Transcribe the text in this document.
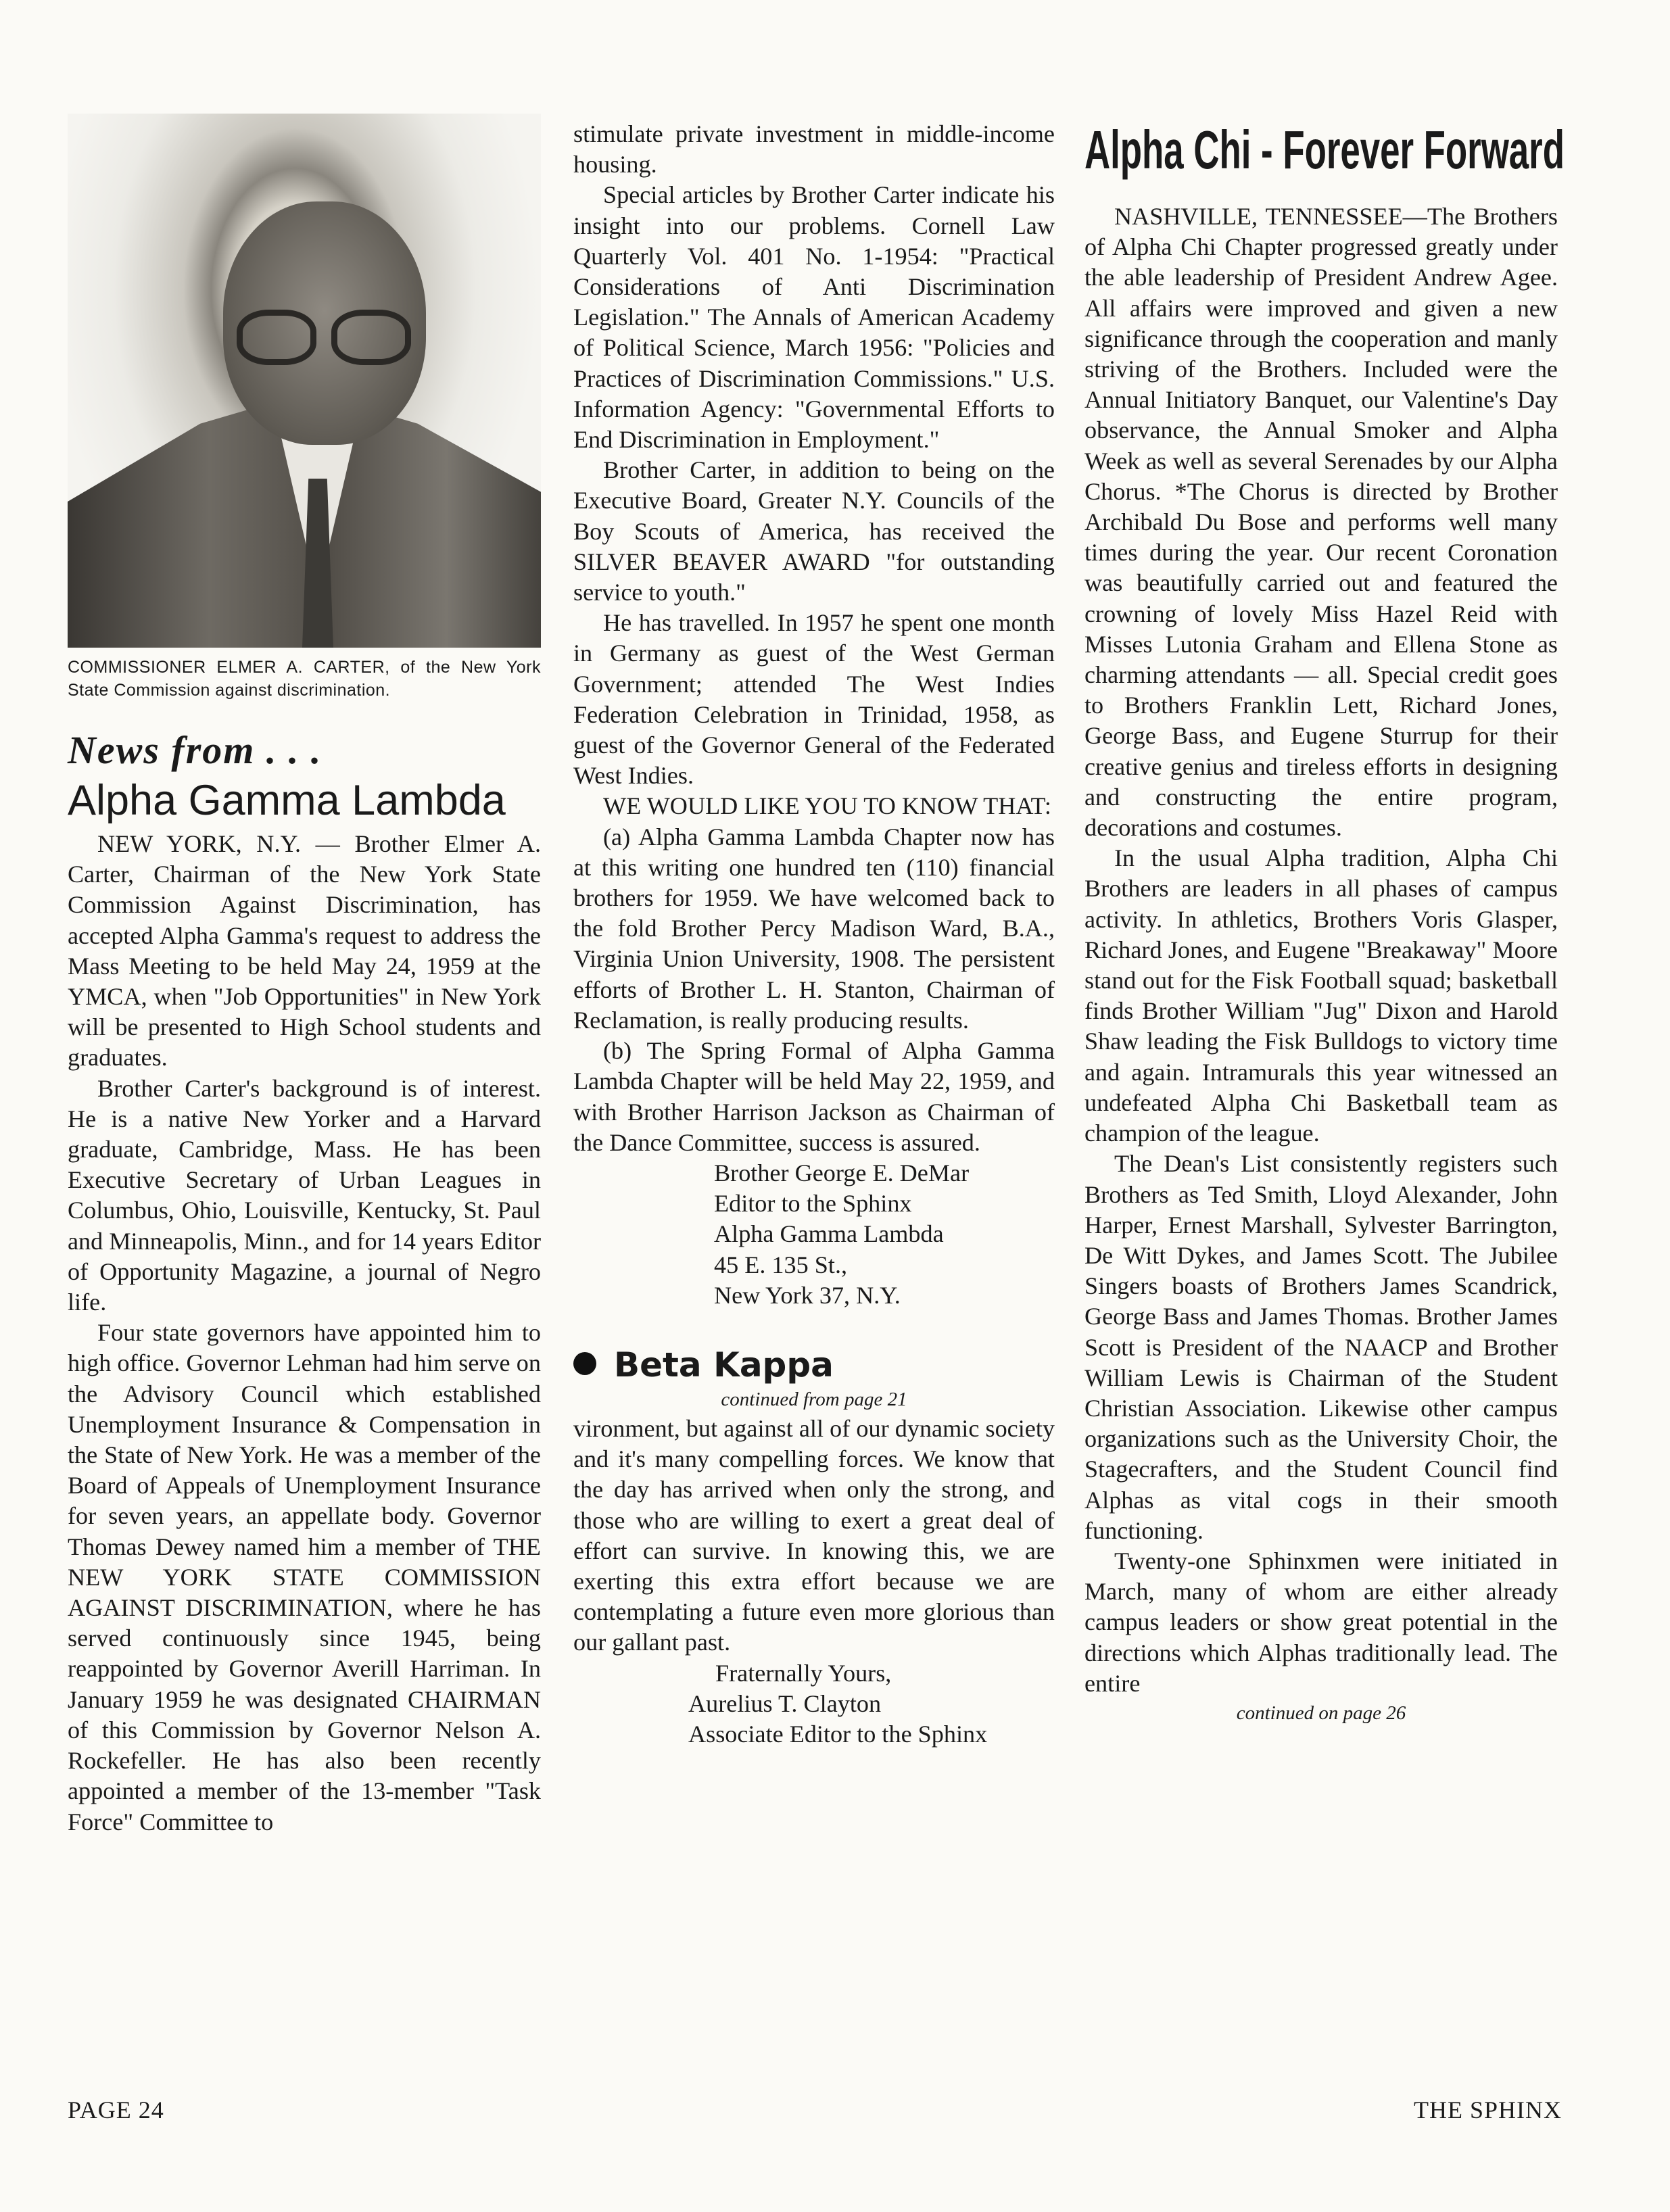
COMMISSIONER ELMER A. CARTER, of the New York State Commission against discrimination.
News from . . .
Alpha Gamma Lambda

NEW YORK, N.Y. — Brother Elmer A. Carter, Chairman of the New York State Commission Against Discrimination, has accepted Alpha Gamma's request to address the Mass Meeting to be held May 24, 1959 at the YMCA, when "Job Opportunities" in New York will be presented to High School students and graduates.

Brother Carter's background is of interest. He is a native New Yorker and a Harvard graduate, Cambridge, Mass. He has been Executive Secretary of Urban Leagues in Columbus, Ohio, Louisville, Kentucky, St. Paul and Minneapolis, Minn., and for 14 years Editor of Opportunity Magazine, a journal of Negro life.

Four state governors have appointed him to high office. Governor Lehman had him serve on the Advisory Council which established Unemployment Insurance & Compensation in the State of New York. He was a member of the Board of Appeals of Unemployment Insurance for seven years, an appellate body. Governor Thomas Dewey named him a member of THE NEW YORK STATE COMMISSION AGAINST DISCRIMINATION, where he has served continuously since 1945, being reappointed by Governor Averill Harriman. In January 1959 he was designated CHAIRMAN of this Commission by Governor Nelson A. Rockefeller. He has also been recently appointed a member of the 13-member "Task Force" Committee to

stimulate private investment in middle-income housing.

Special articles by Brother Carter indicate his insight into our problems. Cornell Law Quarterly Vol. 401 No. 1-1954: "Practical Considerations of Anti Discrimination Legislation." The Annals of American Academy of Political Science, March 1956: "Policies and Practices of Discrimination Commissions." U.S. Information Agency: "Governmental Efforts to End Discrimination in Employment."

Brother Carter, in addition to being on the Executive Board, Greater N.Y. Councils of the Boy Scouts of America, has received the SILVER BEAVER AWARD "for outstanding service to youth."

He has travelled. In 1957 he spent one month in Germany as guest of the West German Government; attended The West Indies Federation Celebration in Trinidad, 1958, as guest of the Governor General of the Federated West Indies.

WE WOULD LIKE YOU TO KNOW THAT:

(a) Alpha Gamma Lambda Chapter now has at this writing one hundred ten (110) financial brothers for 1959. We have welcomed back to the fold Brother Percy Madison Ward, B.A., Virginia Union University, 1908. The persistent efforts of Brother L. H. Stanton, Chairman of Reclamation, is really producing results.

(b) The Spring Formal of Alpha Gamma Lambda Chapter will be held May 22, 1959, and with Brother Harrison Jackson as Chairman of the Dance Committee, success is assured.

Brother George E. DeMar

Editor to the Sphinx

Alpha Gamma Lambda

45 E. 135 St.,

New York 37, N.Y.

Beta Kappa

continued from page 21

vironment, but against all of our dynamic society and it's many compelling forces. We know that the day has arrived when only the strong, and those who are willing to exert a great deal of effort can survive. In knowing this, we are exerting this extra effort because we are contemplating a future even more glorious than our gallant past.

Fraternally Yours,

Aurelius T. Clayton

Associate Editor to the Sphinx

Alpha Chi - Forever Forward

NASHVILLE, TENNESSEE—The Brothers of Alpha Chi Chapter progressed greatly under the able leadership of President Andrew Agee. All affairs were improved and given a new significance through the cooperation and manly striving of the Brothers. Included were the Annual Initiatory Banquet, our Valentine's Day observance, the Annual Smoker and Alpha Week as well as several Serenades by our Alpha Chorus. *The Chorus is directed by Brother Archibald Du Bose and performs well many times during the year. Our recent Coronation was beautifully carried out and featured the crowning of lovely Miss Hazel Reid with Misses Lutonia Graham and Ellena Stone as charming attendants — all. Special credit goes to Brothers Franklin Lett, Richard Jones, George Bass, and Eugene Sturrup for their creative genius and tireless efforts in designing and constructing the entire program, decorations and costumes.

In the usual Alpha tradition, Alpha Chi Brothers are leaders in all phases of campus activity. In athletics, Brothers Voris Glasper, Richard Jones, and Eugene "Breakaway" Moore stand out for the Fisk Football squad; basketball finds Brother William "Jug" Dixon and Harold Shaw leading the Fisk Bulldogs to victory time and again. Intramurals this year witnessed an undefeated Alpha Chi Basketball team as champion of the league.

The Dean's List consistently registers such Brothers as Ted Smith, Lloyd Alexander, John Harper, Ernest Marshall, Sylvester Barrington, De Witt Dykes, and James Scott. The Jubilee Singers boasts of Brothers James Scandrick, George Bass and James Thomas. Brother James Scott is President of the NAACP and Brother William Lewis is Chairman of the Student Christian Association. Likewise other campus organizations such as the University Choir, the Stagecrafters, and the Student Council find Alphas as vital cogs in their smooth functioning.

Twenty-one Sphinxmen were initiated in March, many of whom are either already campus leaders or show great potential in the directions which Alphas traditionally lead. The entire

continued on page 26

PAGE 24	THE SPHINX
